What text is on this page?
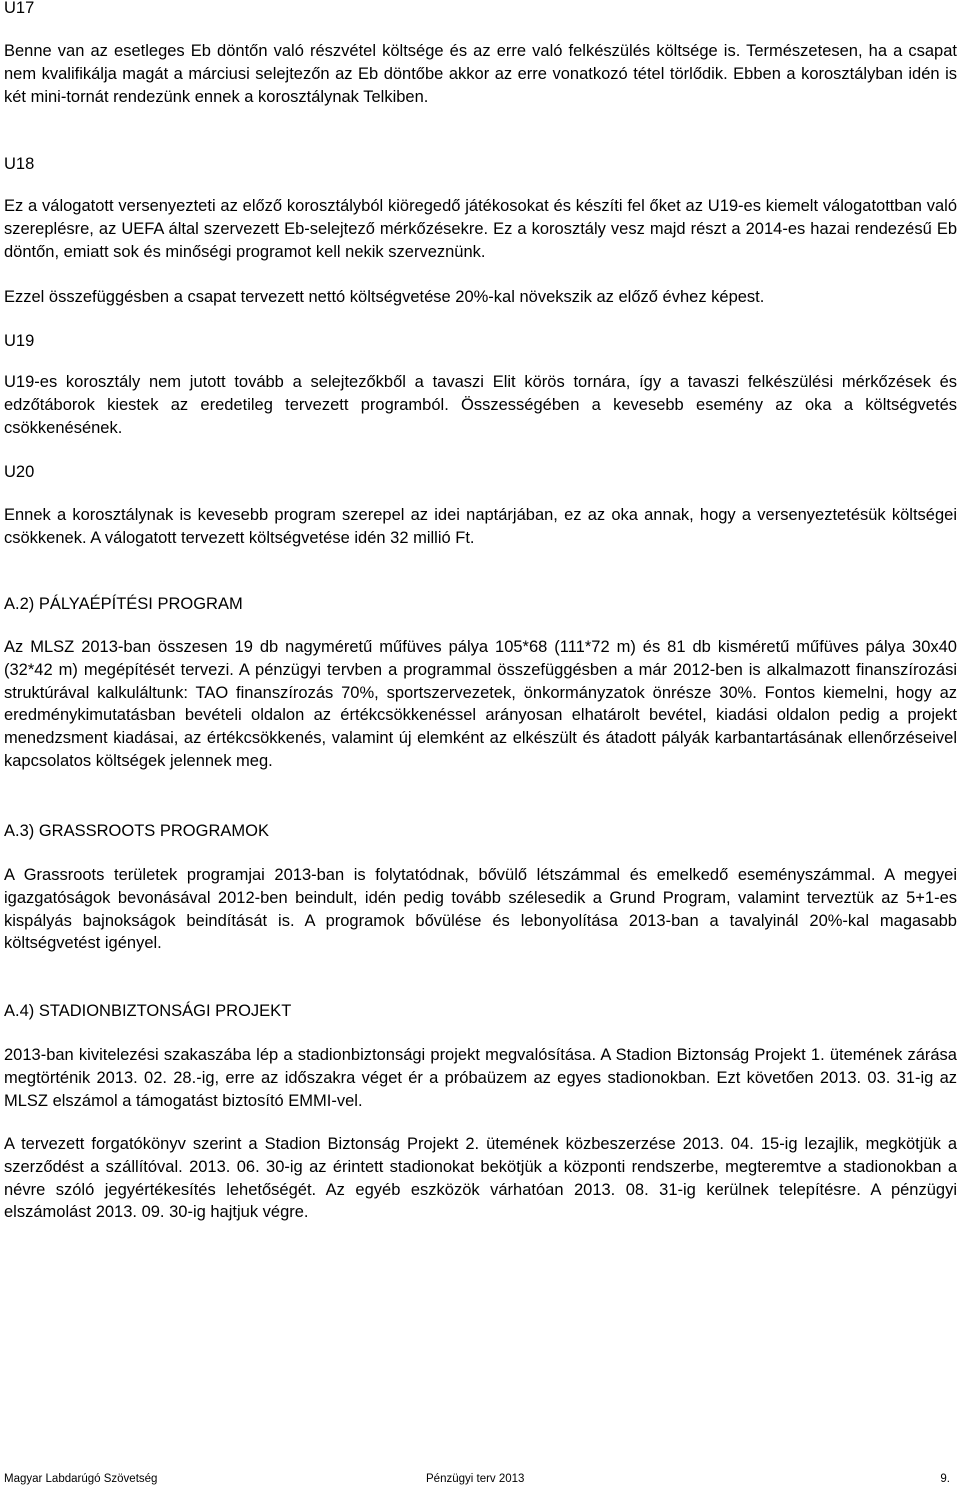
U17
Benne van az esetleges Eb döntőn való részvétel költsége és az erre való felkészülés költsége is. Természetesen, ha a csapat nem kvalifikálja magát a márciusi selejtezőn az Eb döntőbe akkor az erre vonatkozó tétel törlődik. Ebben a korosztályban idén is két mini-tornát rendezünk ennek a korosztálynak Telkiben.
U18
Ez a válogatott versenyezteti az előző korosztályból kiöregedő játékosokat és készíti fel őket az U19-es kiemelt válogatottban való szereplésre, az UEFA által szervezett Eb-selejtező mérkőzésekre. Ez a korosztály vesz majd részt a 2014-es hazai rendezésű Eb döntőn, emiatt sok és minőségi programot kell nekik szerveznünk.
Ezzel összefüggésben a csapat tervezett nettó költségvetése 20%-kal növekszik az előző évhez képest.
U19
U19-es korosztály nem jutott tovább a selejtezőkből a tavaszi Elit körös tornára, így a tavaszi felkészülési mérkőzések és edzőtáborok kiestek az eredetileg tervezett programból. Összességében a kevesebb esemény az oka a költségvetés csökkenésének.
U20
Ennek a korosztálynak is kevesebb program szerepel az idei naptárjában, ez az oka annak, hogy a versenyeztetésük költségei csökkenek. A válogatott tervezett költségvetése idén 32 millió Ft.
A.2) PÁLYAÉPÍTÉSI PROGRAM
Az MLSZ 2013-ban összesen 19 db nagyméretű műfüves pálya 105*68 (111*72 m) és 81 db kisméretű műfüves pálya 30x40 (32*42 m) megépítését tervezi. A pénzügyi tervben a programmal összefüggésben a már 2012-ben is alkalmazott finanszírozási struktúrával kalkuláltunk: TAO finanszírozás 70%, sportszervezetek, önkormányzatok önrésze 30%. Fontos kiemelni, hogy az eredménykimutatásban bevételi oldalon az értékcsökkenéssel arányosan elhatárolt bevétel, kiadási oldalon pedig a projekt menedzsment kiadásai, az értékcsökkenés, valamint új elemként az elkészült és átadott pályák karbantartásának ellenőrzéseivel kapcsolatos költségek jelennek meg.
A.3) GRASSROOTS PROGRAMOK
A Grassroots területek programjai 2013-ban is folytatódnak, bővülő létszámmal és emelkedő eseményszámmal. A megyei igazgatóságok bevonásával 2012-ben beindult, idén pedig tovább szélesedik a Grund Program, valamint terveztük az 5+1-es kispályás bajnokságok beindítását is. A programok bővülése és lebonyolítása 2013-ban a tavalyinál 20%-kal magasabb költségvetést igényel.
A.4) STADIONBIZTONSÁGI PROJEKT
2013-ban kivitelezési szakaszába lép a stadionbiztonsági projekt megvalósítása. A Stadion Biztonság Projekt 1. ütemének zárása megtörténik 2013. 02. 28.-ig, erre az időszakra véget ér a próbaüzem az egyes stadionokban. Ezt követően 2013. 03. 31-ig az MLSZ elszámol a támogatást biztosító EMMI-vel.
A tervezett forgatókönyv szerint a Stadion Biztonság Projekt 2. ütemének közbeszerzése 2013. 04. 15-ig lezajlik, megkötjük a szerződést a szállítóval. 2013. 06. 30-ig az érintett stadionokat bekötjük a központi rendszerbe, megteremtve a stadionokban a névre szóló jegyértékesítés lehetőségét. Az egyéb eszközök várhatóan 2013. 08. 31-ig kerülnek telepítésre. A pénzügyi elszámolást 2013. 09. 30-ig hajtjuk végre.
Magyar Labdarúgó Szövetség	Pénzügyi terv 2013	9.
